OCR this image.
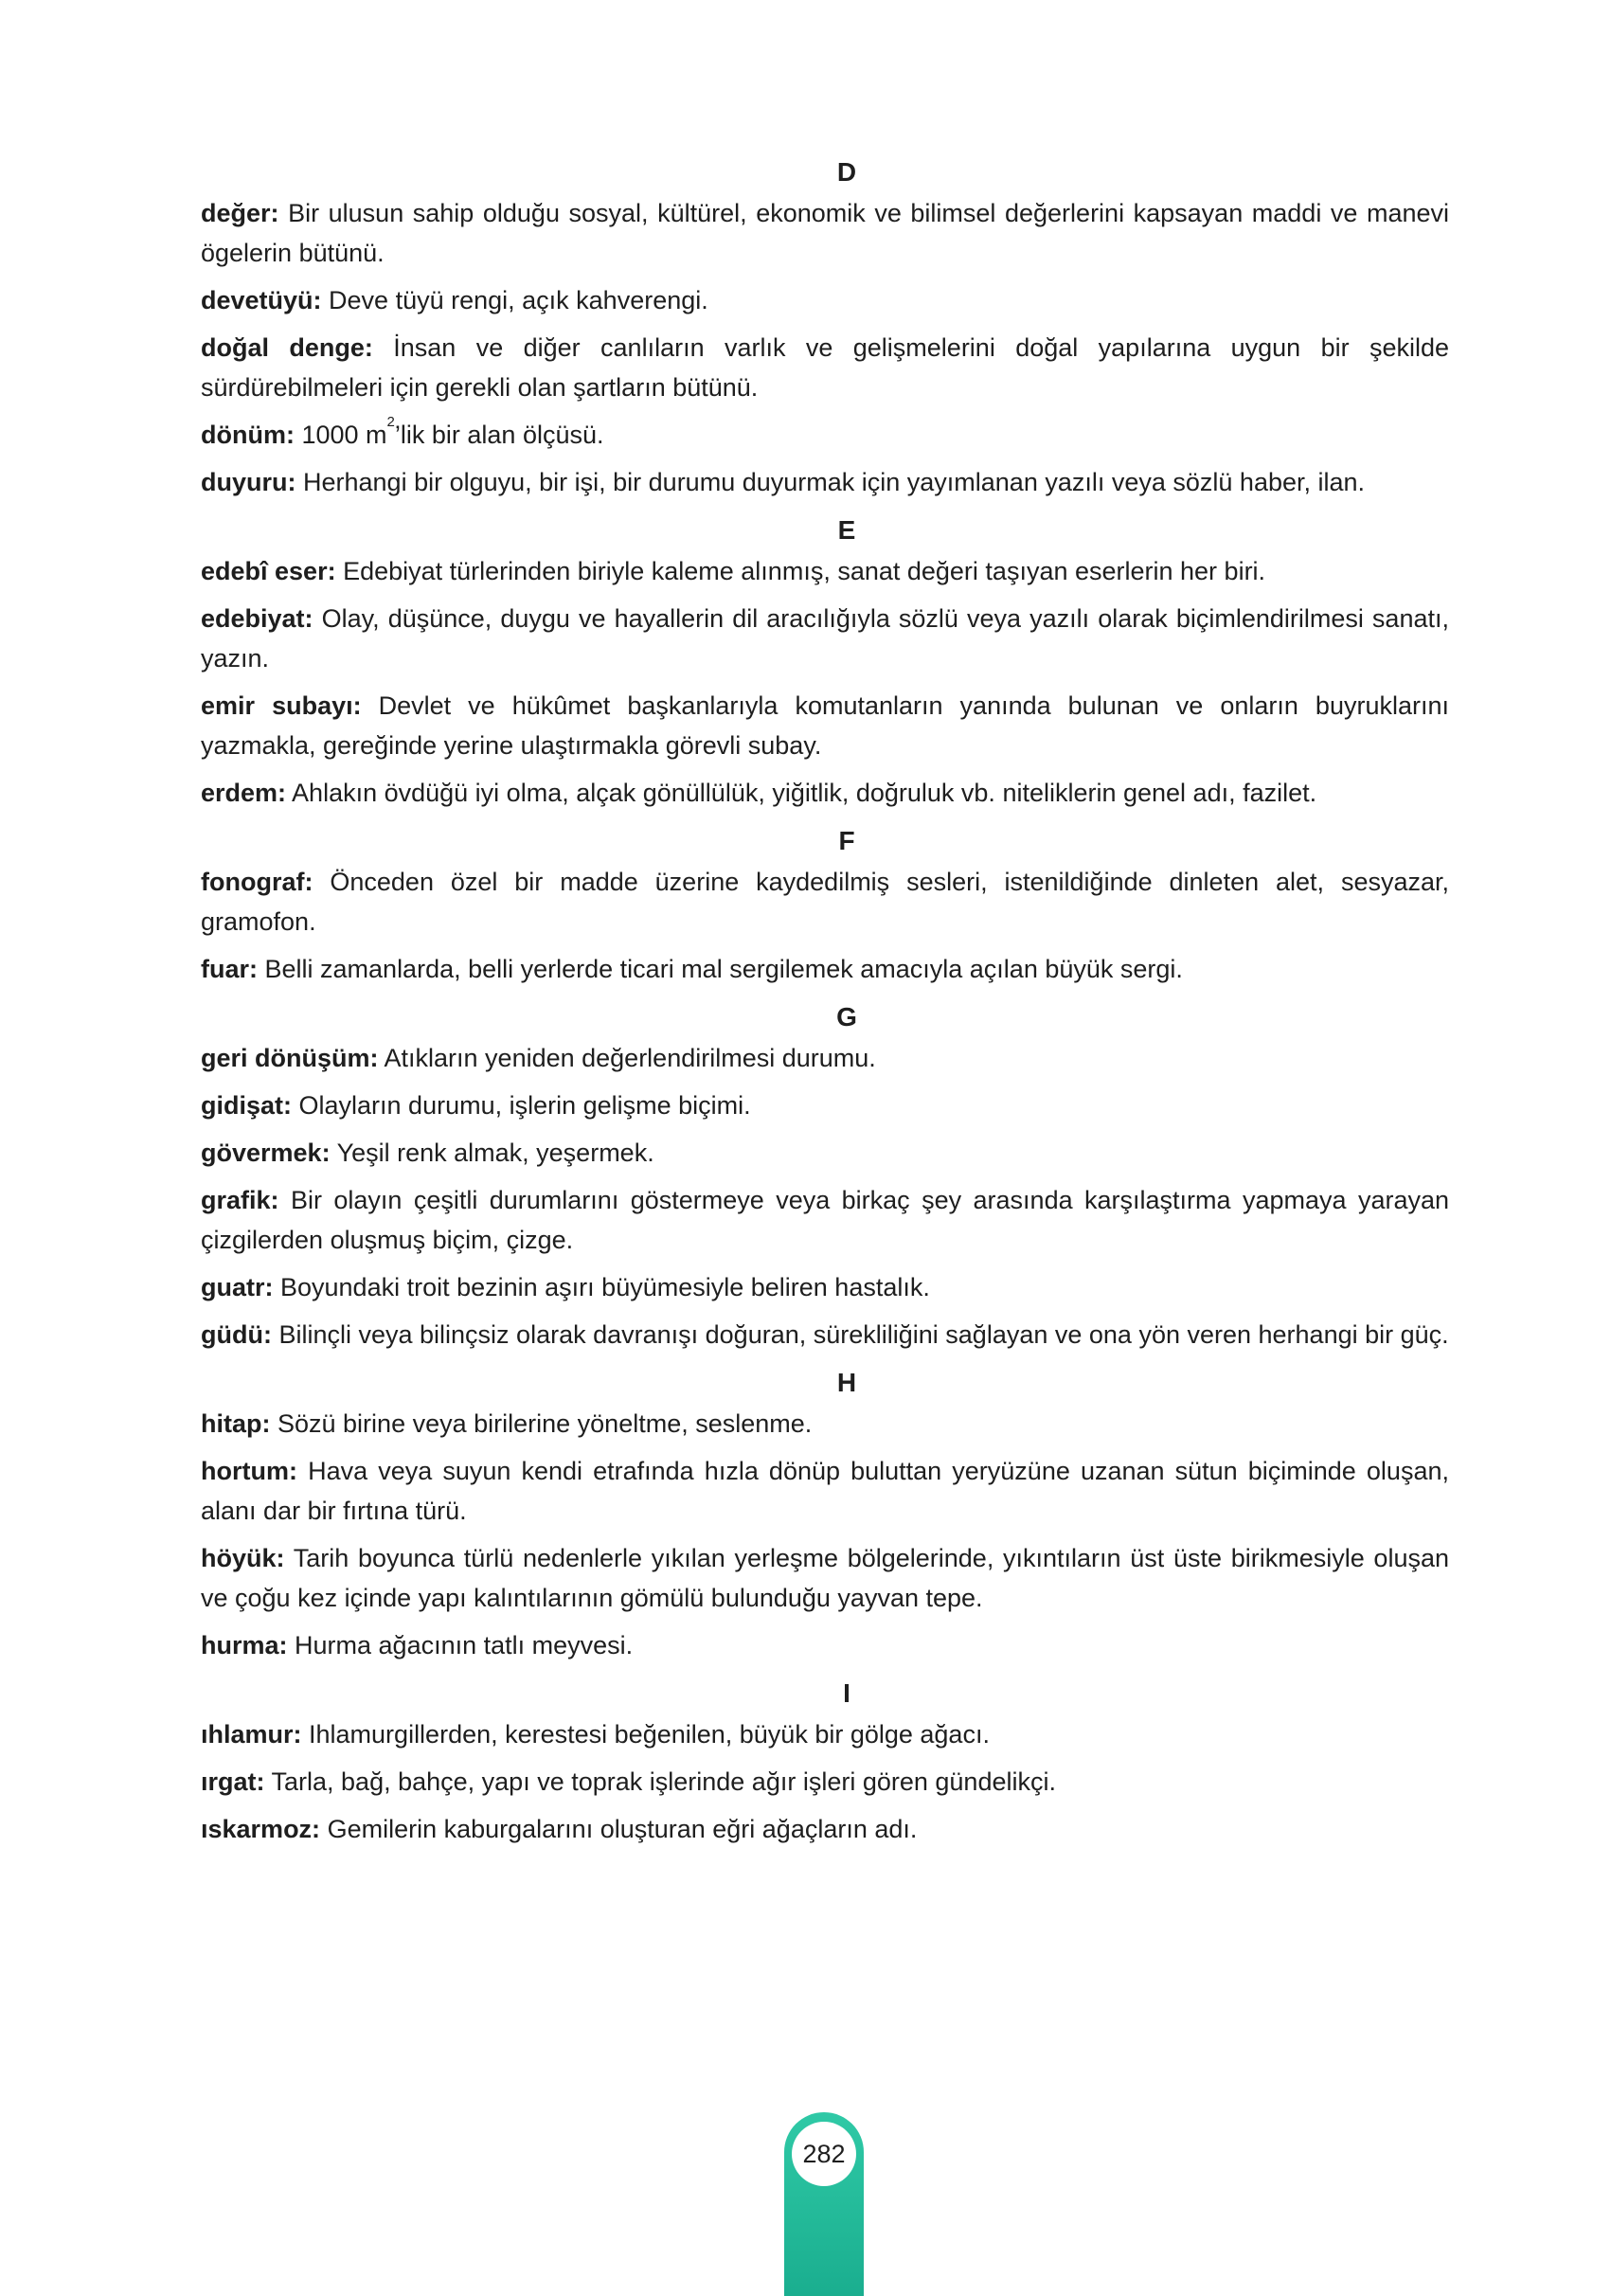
D

değer: Bir ulusun sahip olduğu sosyal, kültürel, ekonomik ve bilimsel değerlerini kapsayan maddi ve manevi ögelerin bütünü.

devetüyü: Deve tüyü rengi, açık kahverengi.

doğal denge: İnsan ve diğer canlıların varlık ve gelişmelerini doğal yapılarına uygun bir şekilde sürdürebilmeleri için gerekli olan şartların bütünü.

dönüm: 1000 $m^2’lik$ bir alan ölçüsü.

duyuru: Herhangi bir olguyu, bir işi, bir durumu duyurmak için yayımlanan yazılı veya sözlü haber, ilan.

E

edebî eser: Edebiyat türlerinden biriyle kaleme alınmış, sanat değeri taşıyan eserlerin her biri.

edebiyat: Olay, düşünce, duygu ve hayallerin dil aracılığıyla sözlü veya yazılı olarak biçimlendirilmesi sanatı, yazın.

emir subayı: Devlet ve hükûmet başkanlarıyla komutanların yanında bulunan ve onların buyruklarını yazmakla, gereğinde yerine ulaştırmakla görevli subay.

erdem: Ahlakın övdüğü iyi olma, alçak gönüllülük, yiğitlik, doğruluk vb. niteliklerin genel adı, fazilet.

F

fonograf: Önceden özel bir madde üzerine kaydedilmiş sesleri, istenildiğinde dinleten alet, sesyazar, gramofon.

fuar: Belli zamanlarda, belli yerlerde ticari mal sergilemek amacıyla açılan büyük sergi.

G

geri dönüşüm: Atıkların yeniden değerlendirilmesi durumu.

gidişat: Olayların durumu, işlerin gelişme biçimi.

gövermek: Yeşil renk almak, yeşermek.

grafik: Bir olayın çeşitli durumlarını göstermeye veya birkaç şey arasında karşılaştırma yapmaya yarayan çizgilerden oluşmuş biçim, çizge.

guatr: Boyundaki troit bezinin aşırı büyümesiyle beliren hastalık.

güdü: Bilinçli veya bilinçsiz olarak davranışı doğuran, sürekliliğini sağlayan ve ona yön veren herhangi bir güç.

H

hitap: Sözü birine veya birilerine yöneltme, seslenme.

hortum: Hava veya suyun kendi etrafında hızla dönüp buluttan yeryüzüne uzanan sütun biçiminde oluşan, alanı dar bir fırtına türü.

höyük: Tarih boyunca türlü nedenlerle yıkılan yerleşme bölgelerinde, yıkıntıların üst üste birikmesiyle oluşan ve çoğu kez içinde yapı kalıntılarının gömülü bulunduğu yayvan tepe.

hurma: Hurma ağacının tatlı meyvesi.

I

ıhlamur: Ihlamurgillerden, kerestesi beğenilen, büyük bir gölge ağacı.

ırgat: Tarla, bağ, bahçe, yapı ve toprak işlerinde ağır işleri gören gündelikçi.

ıskarmoz: Gemilerin kaburgalarını oluşturan eğri ağaçların adı.

282
